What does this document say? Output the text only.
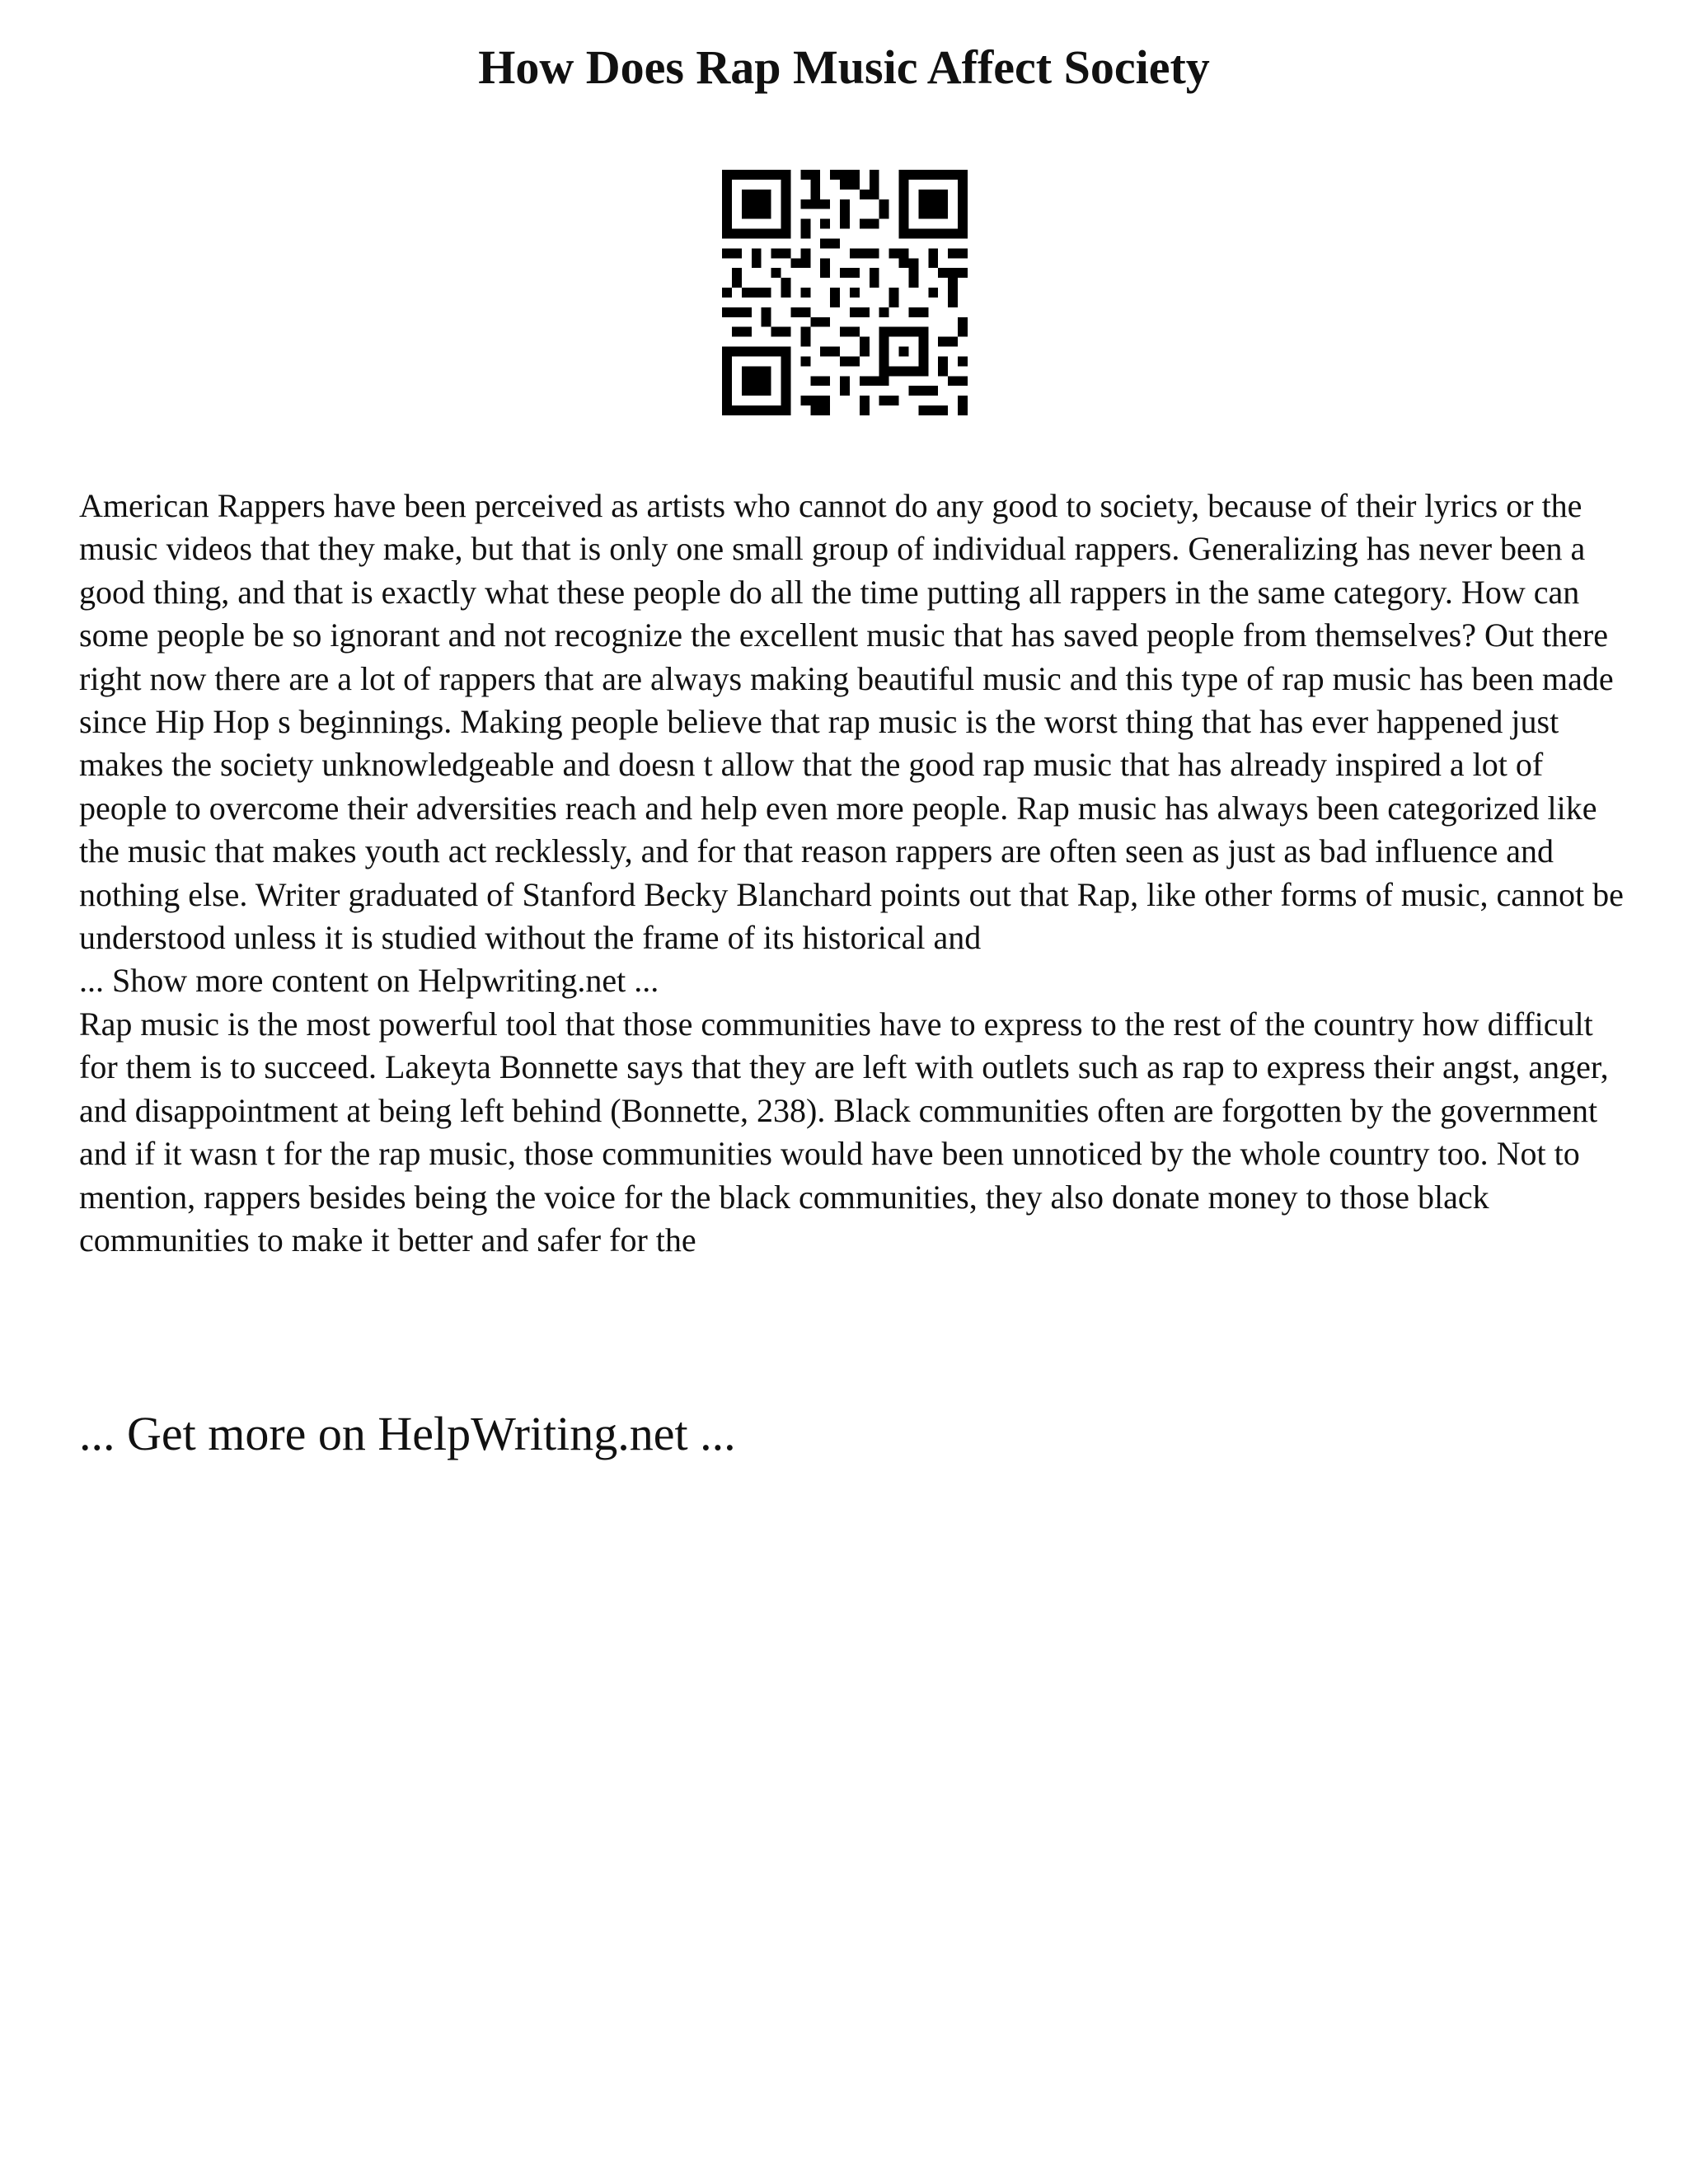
How Does Rap Music Affect Society

American Rappers have been perceived as artists who cannot do any good to society, because of their lyrics or the music videos that they make, but that is only one small group of individual rappers. Generalizing has never been a good thing, and that is exactly what these people do all the time putting all rappers in the same category. How can some people be so ignorant and not recognize the excellent music that has saved people from themselves? Out there right now there are a lot of rappers that are always making beautiful music and this type of rap music has been made since Hip Hop s beginnings. Making people believe that rap music is the worst thing that has ever happened just makes the society unknowledgeable and doesn t allow that the good rap music that has already inspired a lot of people to overcome their adversities reach and help even more people. Rap music has always been categorized like the music that makes youth act recklessly, and for that reason rappers are often seen as just as bad influence and nothing else. Writer graduated of Stanford Becky Blanchard points out that Rap, like other forms of music, cannot be understood unless it is studied without the frame of its historical and

... Show more content on Helpwriting.net ...

Rap music is the most powerful tool that those communities have to express to the rest of the country how difficult for them is to succeed. Lakeyta Bonnette says that they are left with outlets such as rap to express their angst, anger, and disappointment at being left behind (Bonnette, 238). Black communities often are forgotten by the government and if it wasn t for the rap music, those communities would have been unnoticed by the whole country too. Not to mention, rappers besides being the voice for the black communities, they also donate money to those black communities to make it better and safer for the

... Get more on HelpWriting.net ...
